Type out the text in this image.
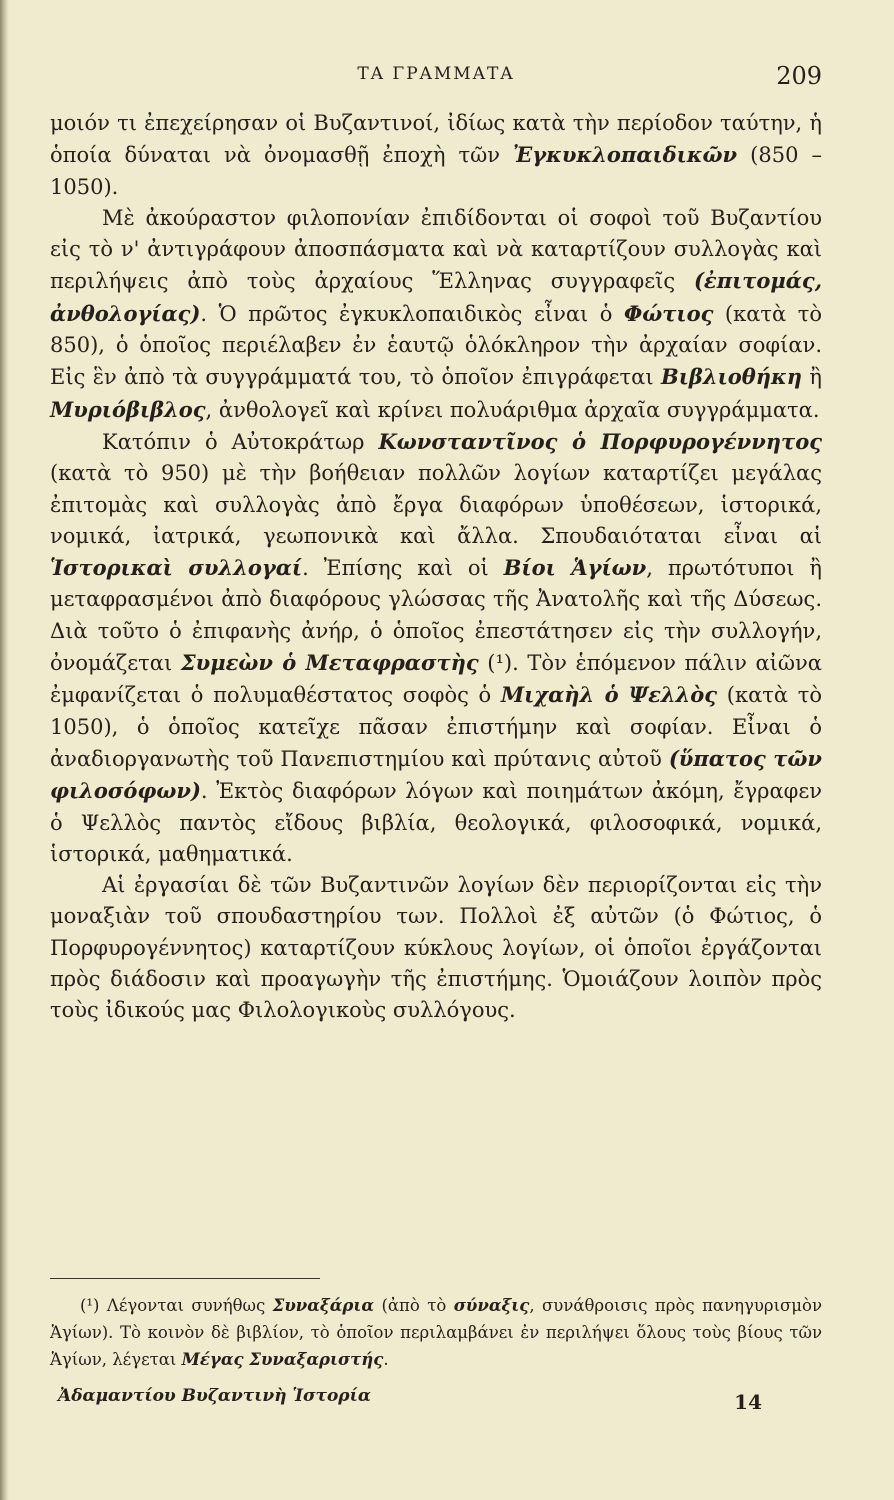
ΤΑ ΓΡΑΜΜΑΤΑ	209

μοιόν τι ἐπεχείρησαν οἱ Βυζαντινοί, ἰδίως κατὰ τὴν περίοδον ταύτην, ἡ ὁποία δύναται νὰ ὀνομασθῇ ἐποχὴ τῶν Ἐγκυκλοπαιδικῶν (850 – 1050).

Μὲ ἀκούραστον φιλοπονίαν ἐπιδίδονται οἱ σοφοὶ τοῦ Βυζαντίου εἰς τὸ ν' ἀντιγράφουν ἀποσπάσματα καὶ νὰ καταρτίζουν συλλογὰς καὶ περιλήψεις ἀπὸ τοὺς ἀρχαίους Ἕλληνας συγγραφεῖς (ἐπιτομάς, ἀνθολογίας). Ὁ πρῶτος ἐγκυκλοπαιδικὸς εἶναι ὁ Φώτιος (κατὰ τὸ 850), ὁ ὁποῖος περιέλαβεν ἐν ἑαυτῷ ὁλόκληρον τὴν ἀρχαίαν σοφίαν. Εἰς ἓν ἀπὸ τὰ συγγράμματά του, τὸ ὁποῖον ἐπιγράφεται Βιβλιοθήκη ἢ Μυριόβιβλος, ἀνθολογεῖ καὶ κρίνει πολυάριθμα ἀρχαῖα συγγράμματα.

Κατόπιν ὁ Αὐτοκράτωρ Κωνσταντῖνος ὁ Πορφυρογέννητος (κατὰ τὸ 950) μὲ τὴν βοήθειαν πολλῶν λογίων καταρτίζει μεγάλας ἐπιτομὰς καὶ συλλογὰς ἀπὸ ἔργα διαφόρων ὑποθέσεων, ἱστορικά, νομικά, ἰατρικά, γεωπονικὰ καὶ ἄλλα. Σπουδαιόταται εἶναι αἱ Ἱστορικαὶ συλλογαί. Ἐπίσης καὶ οἱ Βίοι Ἁγίων, πρωτότυποι ἢ μεταφρασμένοι ἀπὸ διαφόρους γλώσσας τῆς Ἀνατολῆς καὶ τῆς Δύσεως. Διὰ τοῦτο ὁ ἐπιφανὴς ἀνήρ, ὁ ὁποῖος ἐπεστάτησεν εἰς τὴν συλλογήν, ὀνομάζεται Συμεὼν ὁ Μεταφραστὴς (¹). Τὸν ἑπόμενον πάλιν αἰῶνα ἐμφανίζεται ὁ πολυμαθέστατος σοφὸς ὁ Μιχαὴλ ὁ Ψελλὸς (κατὰ τὸ 1050), ὁ ὁποῖος κατεῖχε πᾶσαν ἐπιστήμην καὶ σοφίαν. Εἶναι ὁ ἀναδιοργανωτὴς τοῦ Πανεπιστημίου καὶ πρύτανις αὐτοῦ (ὕπατος τῶν φιλοσόφων). Ἐκτὸς διαφόρων λόγων καὶ ποιημάτων ἀκόμη, ἔγραφεν ὁ Ψελλὸς παντὸς εἴδους βιβλία, θεολογικά, φιλοσοφικά, νομικά, ἱστορικά, μαθηματικά.

Αἱ ἐργασίαι δὲ τῶν Βυζαντινῶν λογίων δὲν περιορίζονται εἰς τὴν μοναξιὰν τοῦ σπουδαστηρίου των. Πολλοὶ ἐξ αὐτῶν (ὁ Φώτιος, ὁ Πορφυρογέννητος) καταρτίζουν κύκλους λογίων, οἱ ὁποῖοι ἐργάζονται πρὸς διάδοσιν καὶ προαγωγὴν τῆς ἐπιστήμης. Ὁμοιάζουν λοιπὸν πρὸς τοὺς ἰδικούς μας Φιλολογικοὺς συλλόγους.

(¹) Λέγονται συνήθως Συναξάρια (ἀπὸ τὸ σύναξις, συνάθροισις πρὸς πανηγυρισμὸν Ἁγίων). Τὸ κοινὸν δὲ βιβλίον, τὸ ὁποῖον περιλαμβάνει ἐν περιλήψει ὅλους τοὺς βίους τῶν Ἁγίων, λέγεται Μέγας Συναξαριστής.
Ἀδαμαντίου Βυζαντινὴ Ἱστορία	14
